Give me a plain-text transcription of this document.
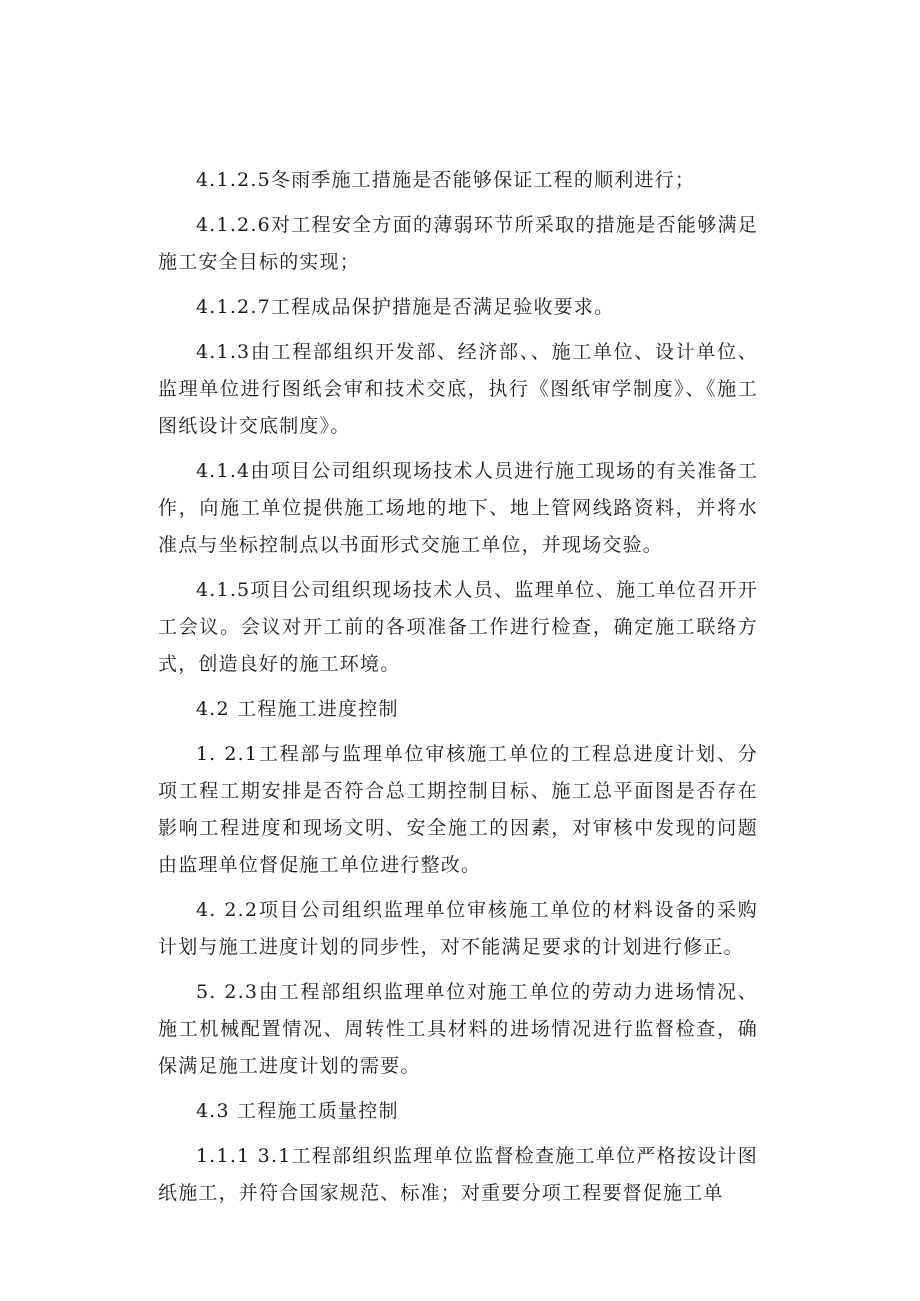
4.1.2.5冬雨季施工措施是否能够保证工程的顺利进行；

4.1.2.6对工程安全方面的薄弱环节所采取的措施是否能够满足施工安全目标的实现；

4.1.2.7工程成品保护措施是否满足验收要求。

4.1.3由工程部组织开发部、经济部、、施工单位、设计单位、监理单位进行图纸会审和技术交底，执行《图纸审学制度》、《施工图纸设计交底制度》。

4.1.4由项目公司组织现场技术人员进行施工现场的有关准备工作，向施工单位提供施工场地的地下、地上管网线路资料，并将水准点与坐标控制点以书面形式交施工单位，并现场交验。

4.1.5项目公司组织现场技术人员、监理单位、施工单位召开开工会议。会议对开工前的各项准备工作进行检查，确定施工联络方式，创造良好的施工环境。

4.2 工程施工进度控制

1. 2.1工程部与监理单位审核施工单位的工程总进度计划、分项工程工期安排是否符合总工期控制目标、施工总平面图是否存在影响工程进度和现场文明、安全施工的因素，对审核中发现的问题由监理单位督促施工单位进行整改。

4. 2.2项目公司组织监理单位审核施工单位的材料设备的采购计划与施工进度计划的同步性，对不能满足要求的计划进行修正。

5. 2.3由工程部组织监理单位对施工单位的劳动力进场情况、施工机械配置情况、周转性工具材料的进场情况进行监督检查，确保满足施工进度计划的需要。

4.3 工程施工质量控制

1.1.1 3.1工程部组织监理单位监督检查施工单位严格按设计图纸施工，并符合国家规范、标准；对重要分项工程要督促施工单
